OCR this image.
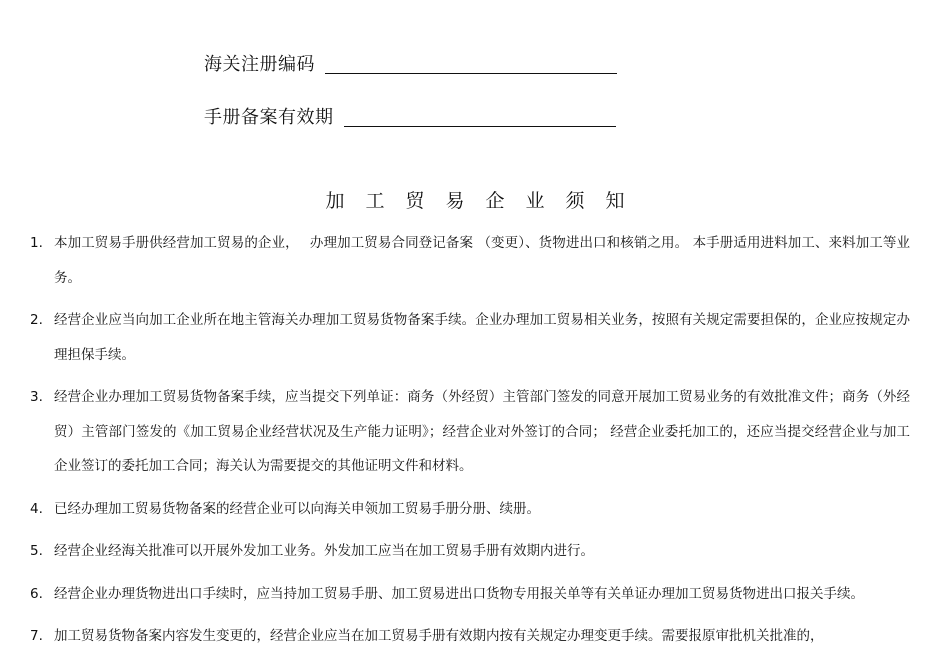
海关注册编码
手册备案有效期
加工贸易企业须知
1. 本加工贸易手册供经营加工贸易的企业，　 办理加工贸易合同登记备案 （变更）、货物进出口和核销之用。 本手册适用进料加工、来料加工等业务。
2. 经营企业应当向加工企业所在地主管海关办理加工贸易货物备案手续。企业办理加工贸易相关业务，按照有关规定需要担保的，企业应按规定办理担保手续。
3. 经营企业办理加工贸易货物备案手续，应当提交下列单证：商务（外经贸）主管部门签发的同意开展加工贸易业务的有效批准文件；商务（外经贸）主管部门签发的《加工贸易企业经营状况及生产能力证明》；经营企业对外签订的合同； 经营企业委托加工的，还应当提交经营企业与加工企业签订的委托加工合同；海关认为需要提交的其他证明文件和材料。
4. 已经办理加工贸易货物备案的经营企业可以向海关申领加工贸易手册分册、续册。
5. 经营企业经海关批准可以开展外发加工业务。外发加工应当在加工贸易手册有效期内进行。
6. 经营企业办理货物进出口手续时，应当持加工贸易手册、加工贸易进出口货物专用报关单等有关单证办理加工贸易货物进出口报关手续。
7. 加工贸易货物备案内容发生变更的，经营企业应当在加工贸易手册有效期内按有关规定办理变更手续。需要报原审批机关批准的，
